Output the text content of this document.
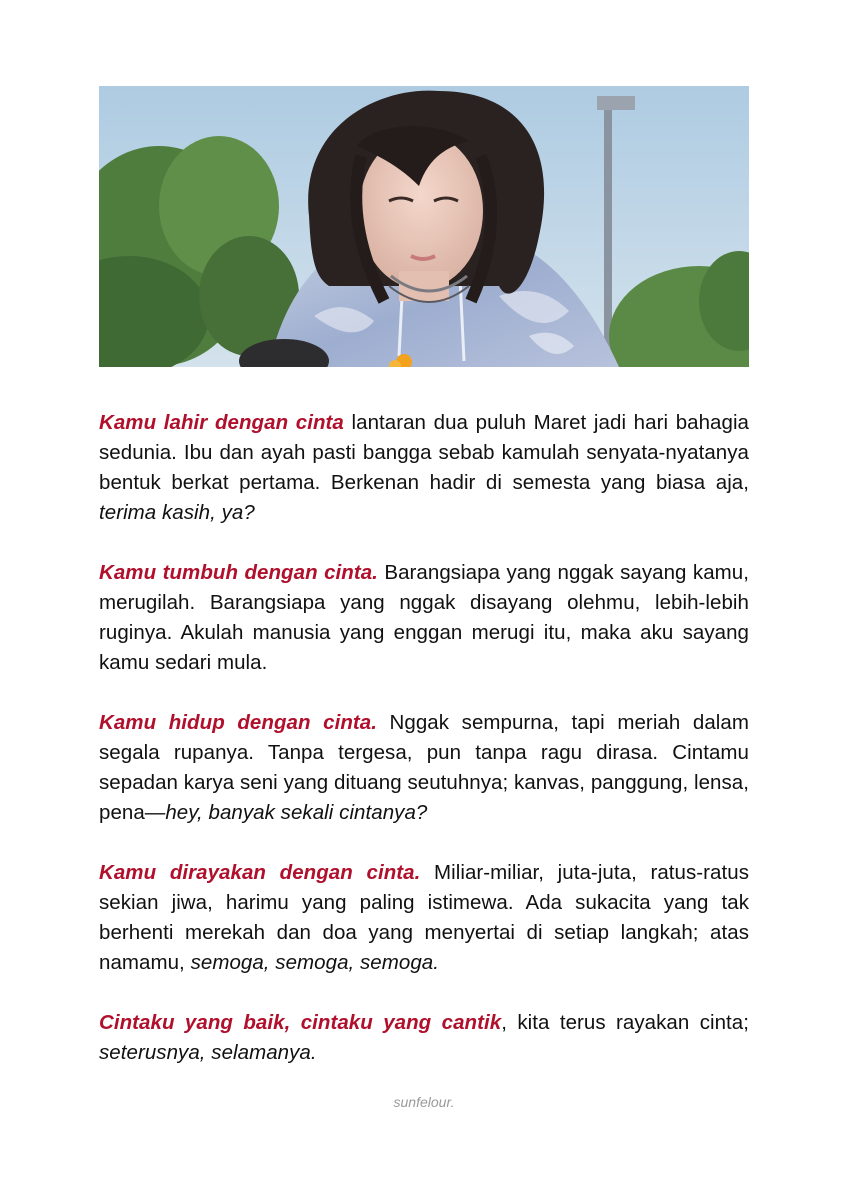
Kamu lahir dengan cinta lantaran dua puluh Maret jadi hari bahagia sedunia. Ibu dan ayah pasti bangga sebab kamulah senyata-nyatanya bentuk berkat pertama. Berkenan hadir di semesta yang biasa aja, terima kasih, ya?

Kamu tumbuh dengan cinta. Barangsiapa yang nggak sayang kamu, merugilah. Barangsiapa yang nggak disayang olehmu, lebih-lebih ruginya. Akulah manusia yang enggan merugi itu, maka aku sayang kamu sedari mula.

Kamu hidup dengan cinta. Nggak sempurna, tapi meriah dalam segala rupanya. Tanpa tergesa, pun tanpa ragu dirasa. Cintamu sepadan karya seni yang dituang seutuhnya; kanvas, panggung, lensa, pena—hey, banyak sekali cintanya?

Kamu dirayakan dengan cinta. Miliar-miliar, juta-juta, ratus-ratus sekian jiwa, harimu yang paling istimewa. Ada sukacita yang tak berhenti merekah dan doa yang menyertai di setiap langkah; atas namamu, semoga, semoga, semoga.

Cintaku yang baik, cintaku yang cantik, kita terus rayakan cinta; seterusnya, selamanya.

sunfelour.
